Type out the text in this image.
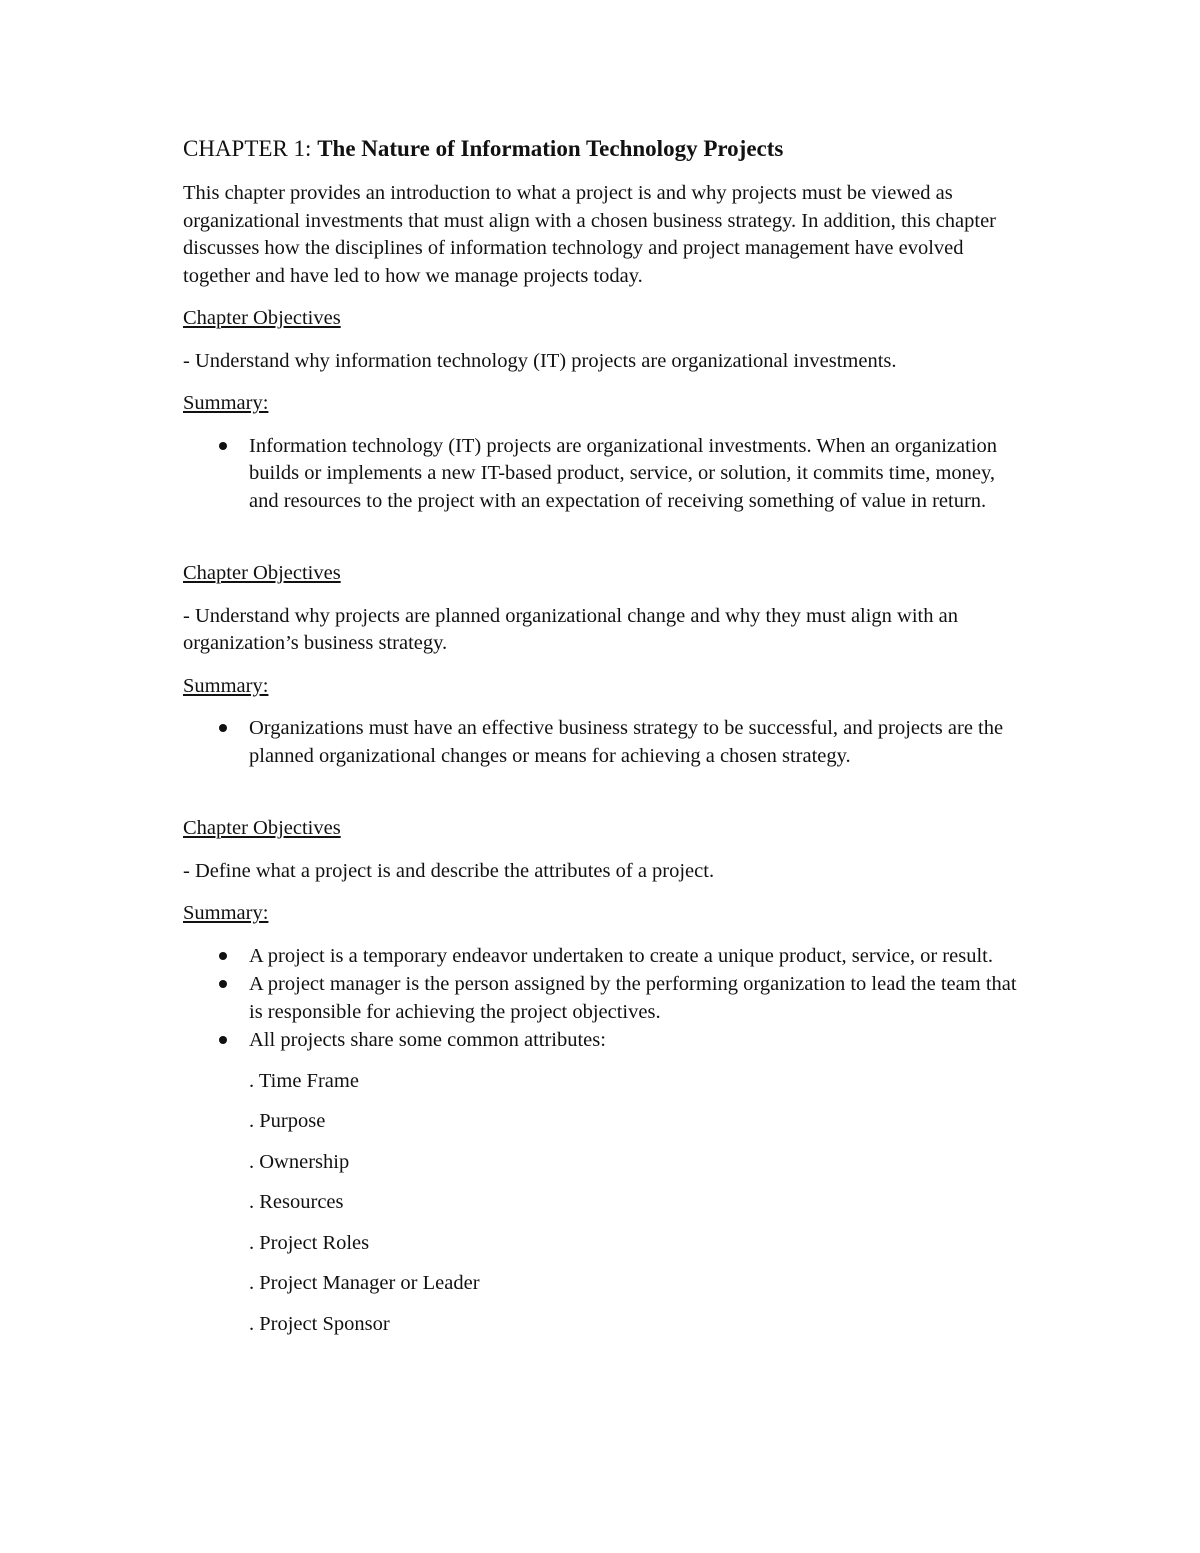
CHAPTER 1: The Nature of Information Technology Projects

This chapter provides an introduction to what a project is and why projects must be viewed as organizational investments that must align with a chosen business strategy. In addition, this chapter discusses how the disciplines of information technology and project management have evolved together and have led to how we manage projects today.

Chapter Objectives

- Understand why information technology (IT) projects are organizational investments.

Summary:

Information technology (IT) projects are organizational investments. When an organization builds or implements a new IT-based product, service, or solution, it commits time, money, and resources to the project with an expectation of receiving something of value in return.

Chapter Objectives

- Understand why projects are planned organizational change and why they must align with an organization’s business strategy.

Summary:

Organizations must have an effective business strategy to be successful, and projects are the planned organizational changes or means for achieving a chosen strategy.

Chapter Objectives

- Define what a project is and describe the attributes of a project.

Summary:

A project is a temporary endeavor undertaken to create a unique product, service, or result.
A project manager is the person assigned by the performing organization to lead the team that is responsible for achieving the project objectives.
All projects share some common attributes:
. Time Frame
. Purpose
. Ownership
. Resources
. Project Roles
. Project Manager or Leader
. Project Sponsor
